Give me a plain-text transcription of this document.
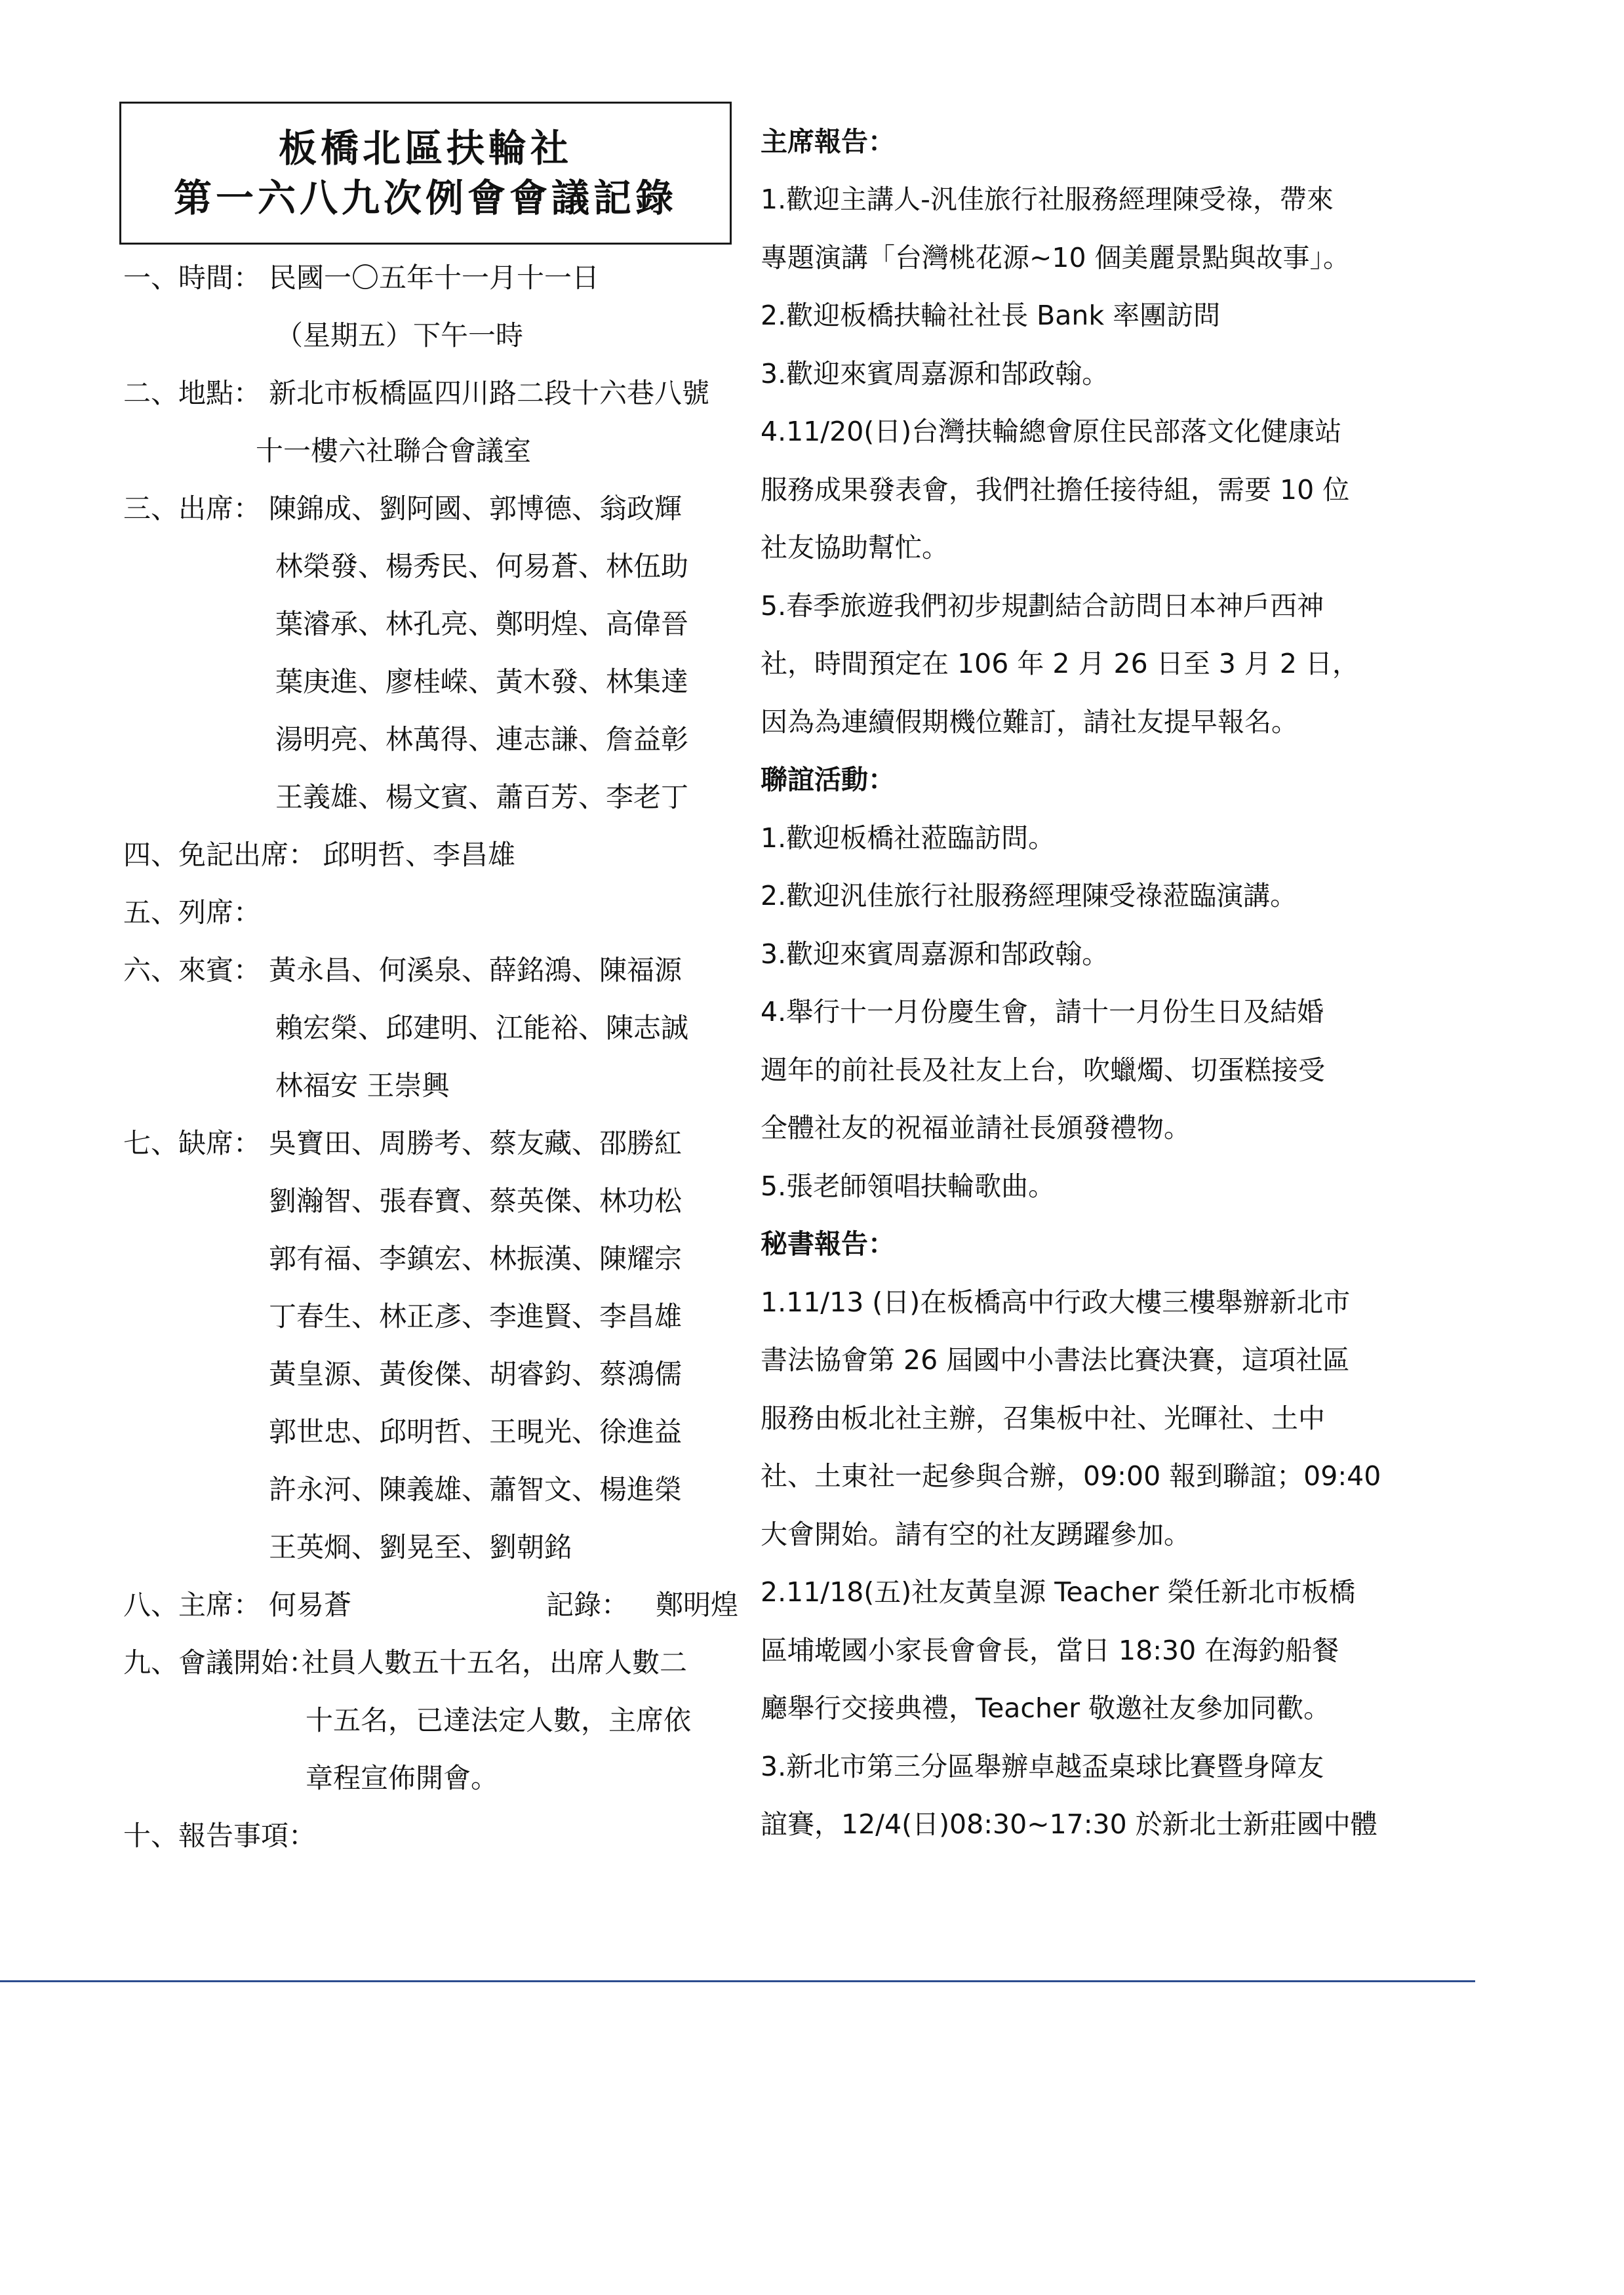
板橋北區扶輪社
第一六八九次例會會議記錄
一、時間： 民國一〇五年十一月十一日
（星期五）下午一時
二、地點： 新北市板橋區四川路二段十六巷八號
十一樓六社聯合會議室
三、出席： 陳錦成、劉阿國、郭博德、翁政輝
林榮發、楊秀民、何易蒼、林伍助
葉濬承、林孔亮、鄭明煌、高偉晉
葉庚進、廖桂嵘、黃木發、林集達
湯明亮、林萬得、連志謙、詹益彰
王義雄、楊文賓、蕭百芳、李老丁
四、免記出席： 邱明哲、李昌雄
五、列席：
六、來賓： 黃永昌、何溪泉、薛銘鴻、陳福源
賴宏榮、邱建明、江能裕、陳志誠
林福安 王崇興
七、缺席： 吳寶田、周勝考、蔡友藏、邵勝紅
劉瀚智、張春寶、蔡英傑、林功松
郭有福、李鎮宏、林振漢、陳耀宗
丁春生、林正彥、李進賢、李昌雄
黃皇源、黃俊傑、胡睿鈞、蔡鴻儒
郭世忠、邱明哲、王晛光、徐進益
許永河、陳義雄、蕭智文、楊進榮
王英烱、劉晃至、劉朝銘
八、主席： 何易蒼	記錄： 鄭明煌
九、會議開始：
社員人數五十五名，出席人數二
十五名，已達法定人數，主席依
章程宣佈開會。
十、報告事項：
主席報告：
1.歡迎主講人-汎佳旅行社服務經理陳受祿，帶來
專題演講「台灣桃花源~10 個美麗景點與故事」。
2.歡迎板橋扶輪社社長 Bank 率團訪問
3.歡迎來賓周嘉源和郜政翰。
4.11/20(日)台灣扶輪總會原住民部落文化健康站
服務成果發表會，我們社擔任接待組，需要 10 位
社友協助幫忙。
5.春季旅遊我們初步規劃結合訪問日本神戶西神
社，時間預定在 106 年 2 月 26 日至 3 月 2 日，
因為為連續假期機位難訂，請社友提早報名。
聯誼活動：
1.歡迎板橋社蒞臨訪問。
2.歡迎汎佳旅行社服務經理陳受祿蒞臨演講。
3.歡迎來賓周嘉源和郜政翰。
4.舉行十一月份慶生會，請十一月份生日及結婚
週年的前社長及社友上台，吹蠟燭、切蛋糕接受
全體社友的祝福並請社長頒發禮物。
5.張老師領唱扶輪歌曲。
秘書報告：
1.11/13 (日)在板橋高中行政大樓三樓舉辦新北市
書法協會第 26 屆國中小書法比賽決賽，這項社區
服務由板北社主辦，召集板中社、光暉社、土中
社、土東社一起參與合辦，09:00 報到聯誼；09:40
大會開始。請有空的社友踴躍參加。
2.11/18(五)社友黃皇源 Teacher 榮任新北市板橋
區埔墘國小家長會會長，當日 18:30 在海釣船餐
廳舉行交接典禮，Teacher 敬邀社友參加同歡。
3.新北市第三分區舉辦卓越盃桌球比賽暨身障友
誼賽，12/4(日)08:30~17:30 於新北士新莊國中體
